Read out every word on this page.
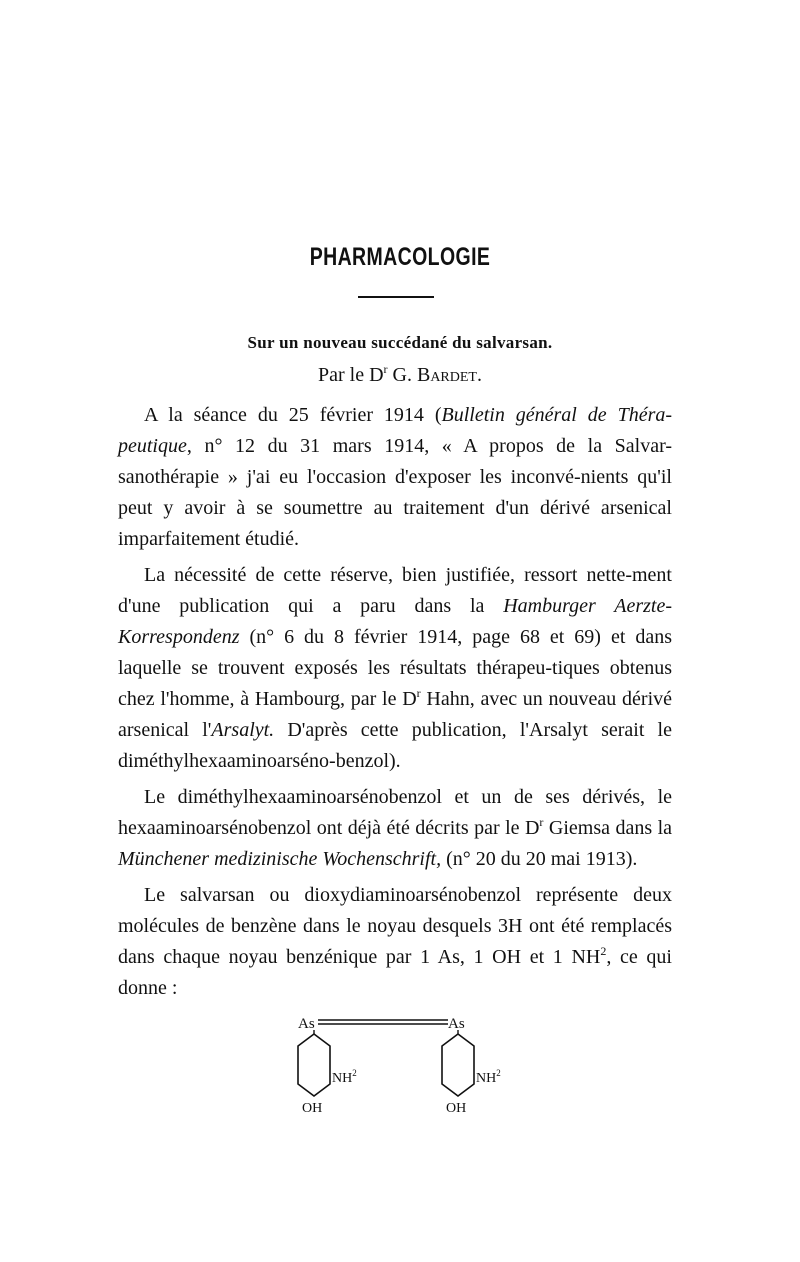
PHARMACOLOGIE
Sur un nouveau succédané du salvarsan.
Par le $D^r$ G. Bardet.

A la séance du 25 février 1914 (Bulletin général de Théra-peutique, n° 12 du 31 mars 1914, « A propos de la Salvar-sanothérapie » j'ai eu l'occasion d'exposer les inconvé-nients qu'il peut y avoir à se soumettre au traitement d'un dérivé arsenical imparfaitement étudié.

La nécessité de cette réserve, bien justifiée, ressort nette-ment d'une publication qui a paru dans la Hamburger Aerzte-Korrespondenz (n° 6 du 8 février 1914, page 68 et 69) et dans laquelle se trouvent exposés les résultats thérapeu-tiques obtenus chez l'homme, à Hambourg, par le $D^r$ Hahn, avec un nouveau dérivé arsenical l'Arsalyt. D'après cette publication, l'Arsalyt serait le diméthylhexaaminoarséno-benzol).

Le diméthylhexaaminoarsénobenzol et un de ses dérivés, le hexaaminoarsénobenzol ont déjà été décrits par le $D^r$ Giemsa dans la Münchener medizinische Wochenschrift, (n° 20 du 20 mai 1913).

Le salvarsan ou dioxydiaminoarsénobenzol représente deux molécules de benzène dans le noyau desquels 3H ont été remplacés dans chaque noyau benzénique par 1 As, 1 OH et 1 $NH^2$, ce qui donne :

As	As
$NH^2$
OH
$NH^2$
OH
